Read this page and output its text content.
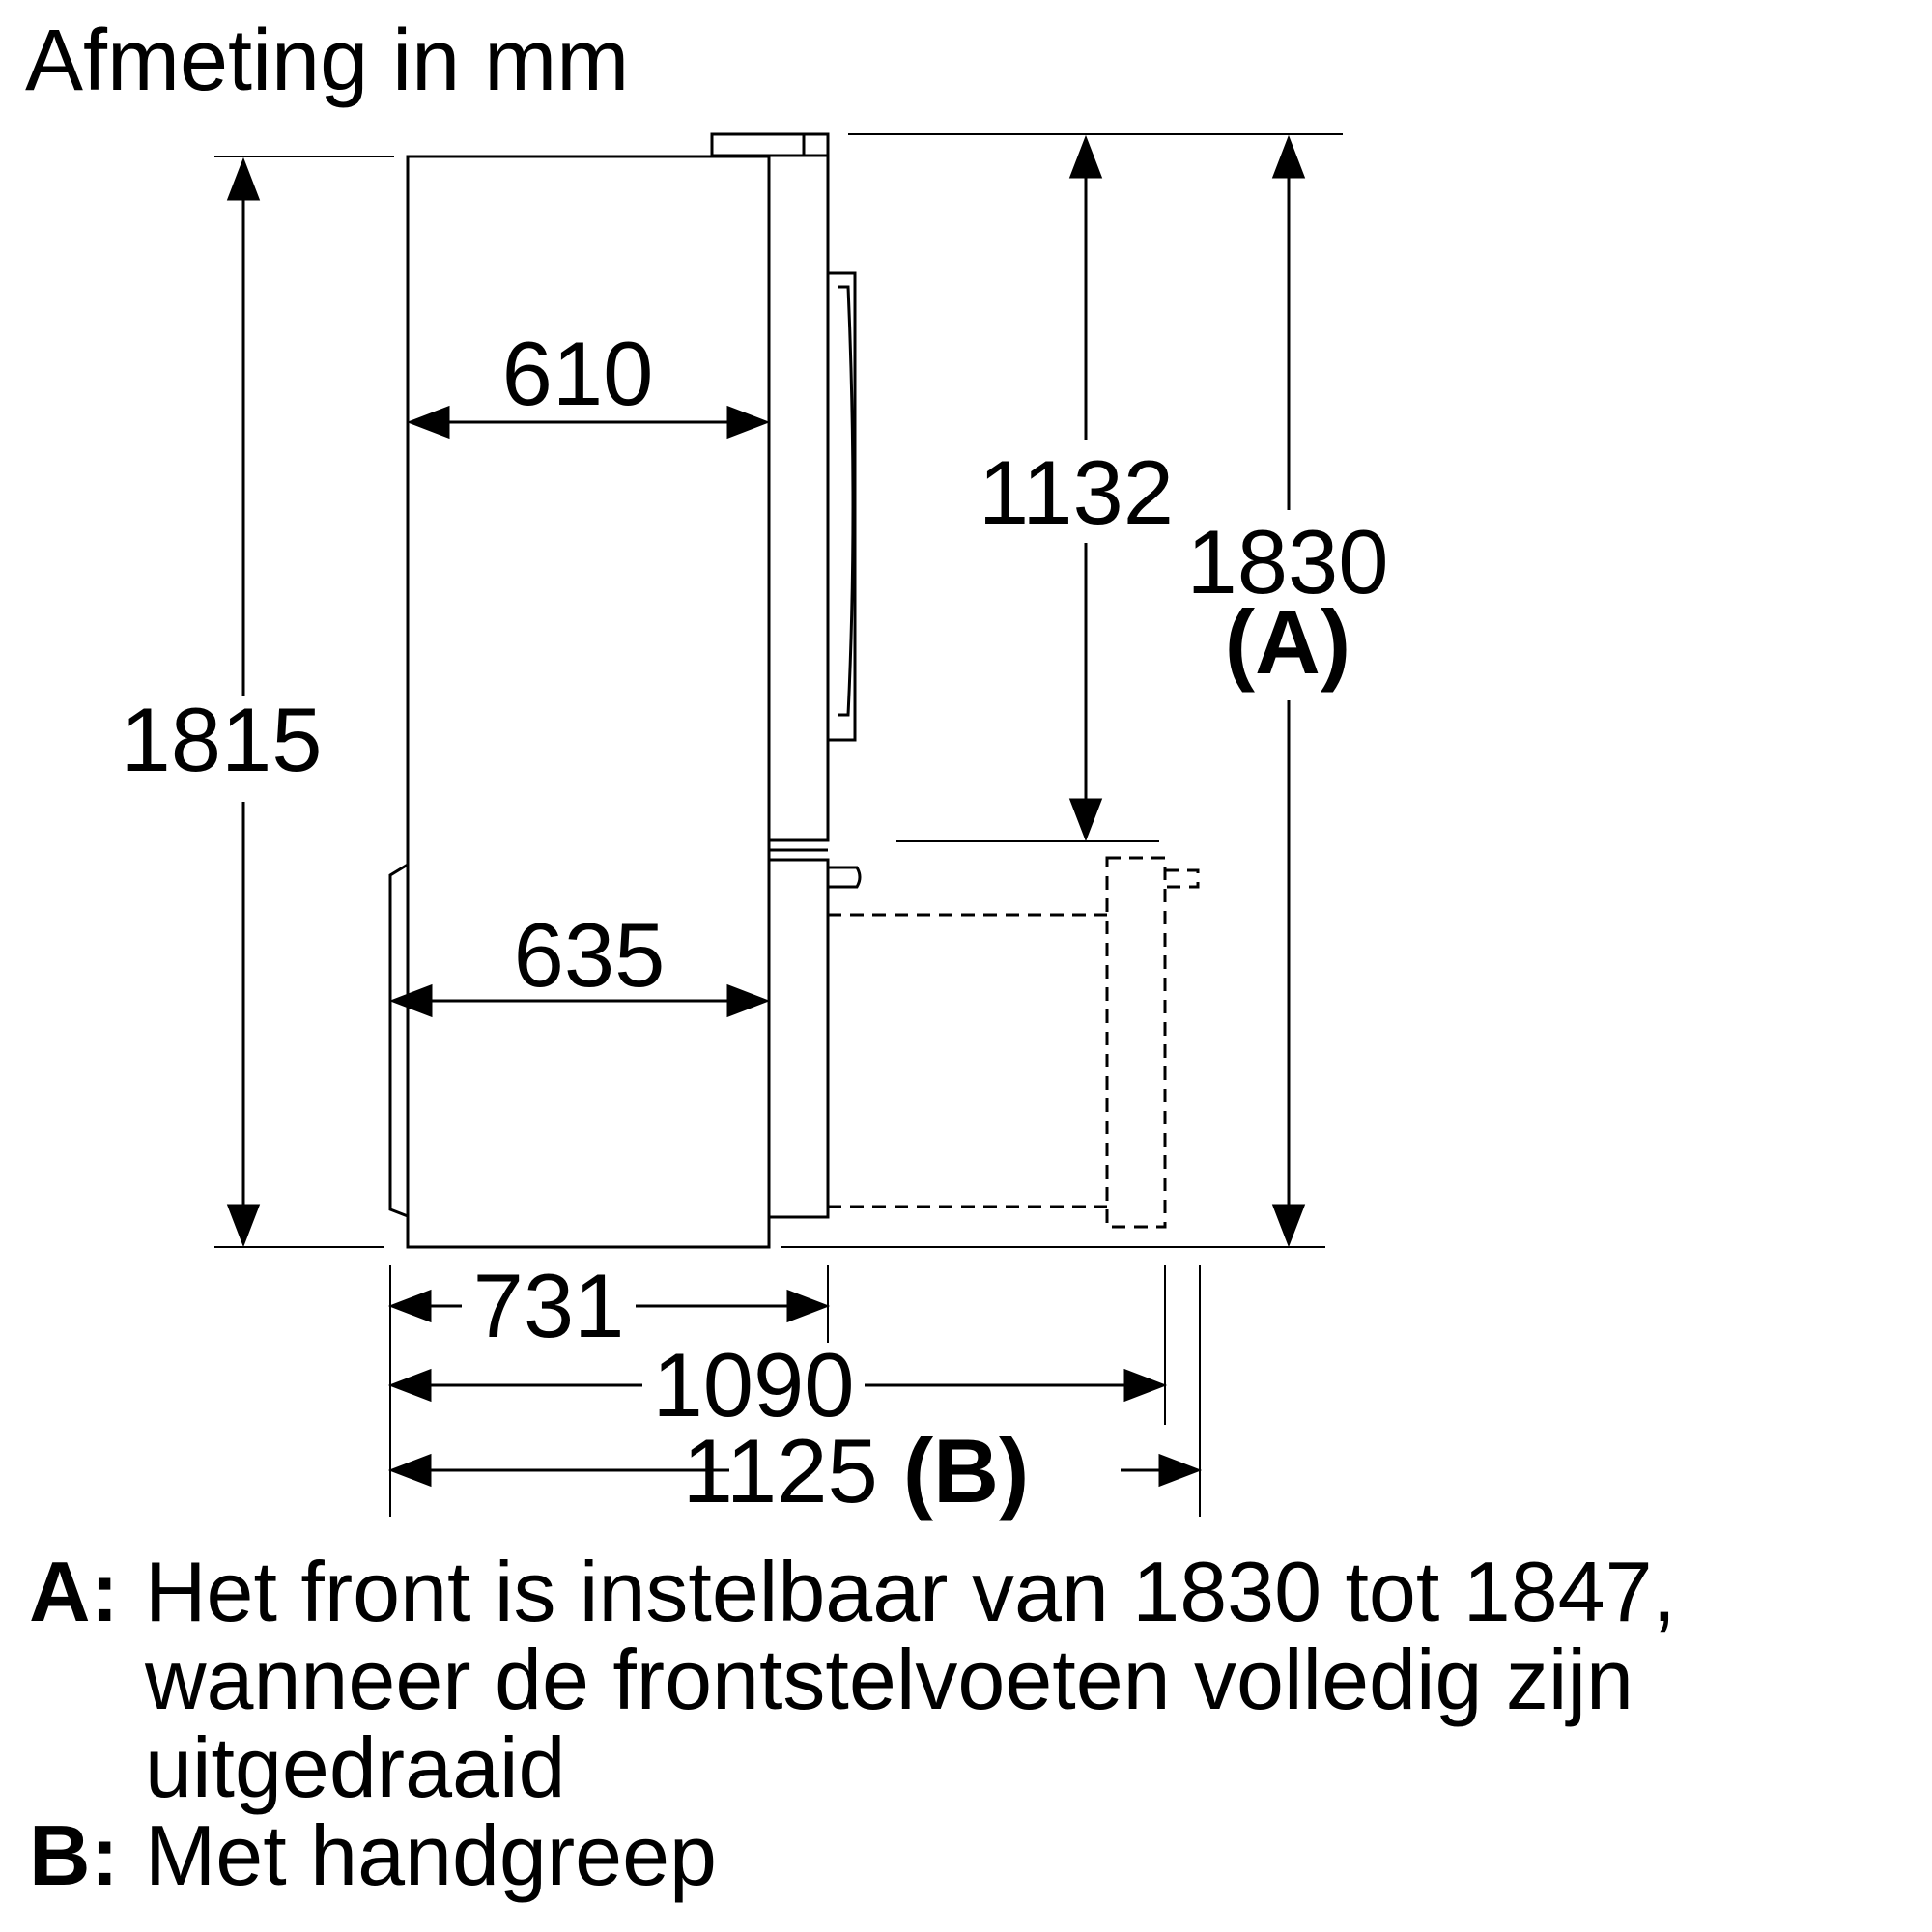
Afmeting in mm
610
635
1815
1132
1830
(A)
731
1090
1125 (B)
A: Het front is instelbaar van 1830 tot 1847,
wanneer de frontstelvoeten volledig zijn
uitgedraaid
B: Met handgreep
